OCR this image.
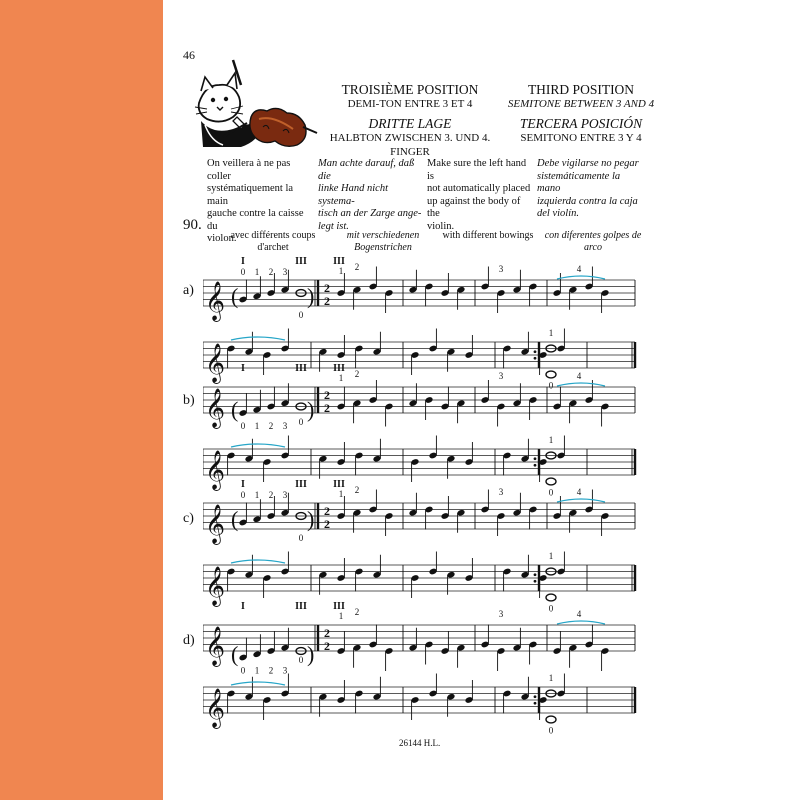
46
TROISIÈME POSITION
DEMI-TON ENTRE 3 ET 4
THIRD POSITION
SEMITONE BETWEEN 3 AND 4
DRITTE LAGE
HALBTON ZWISCHEN 3. UND 4. FINGER
TERCERA POSICIÓN
SEMITONO ENTRE 3 Y 4
On veillera à ne pas coller
systématiquement la main
gauche contre la caisse du
violon.
Man achte darauf, daß die
linke Hand nicht systema-
tisch an der Zarge ange-
legt ist.
Make sure the left hand is
not automatically placed
up against the body of the
violin.
Debe vigilarse no pegar
sistemáticamente la mano
izquierda contra la caja
del violín.
90.
avec différents coups
d'archet
mit verschiedenen
Bogenstrichen
with different bowings	con diferentes golpes de
arco
a)
b)
c)
d)
𝄞 (	)
0 1 2 3
I	III
0
2
2
III
1 2	3	4
𝄞
1
0
𝄞 (	)
0 1 2 3
I	III
0
2
2
III
1 2	3	4
𝄞
1
0
𝄞 (	)
0 1 2 3
I	III
0
2
2
III
1 2	3	4
𝄞
1
0
𝄞 (	)
0 1 2 3
I	III
0
2
2
III
1 2	3	4
𝄞
1
0
26144 H.L.
